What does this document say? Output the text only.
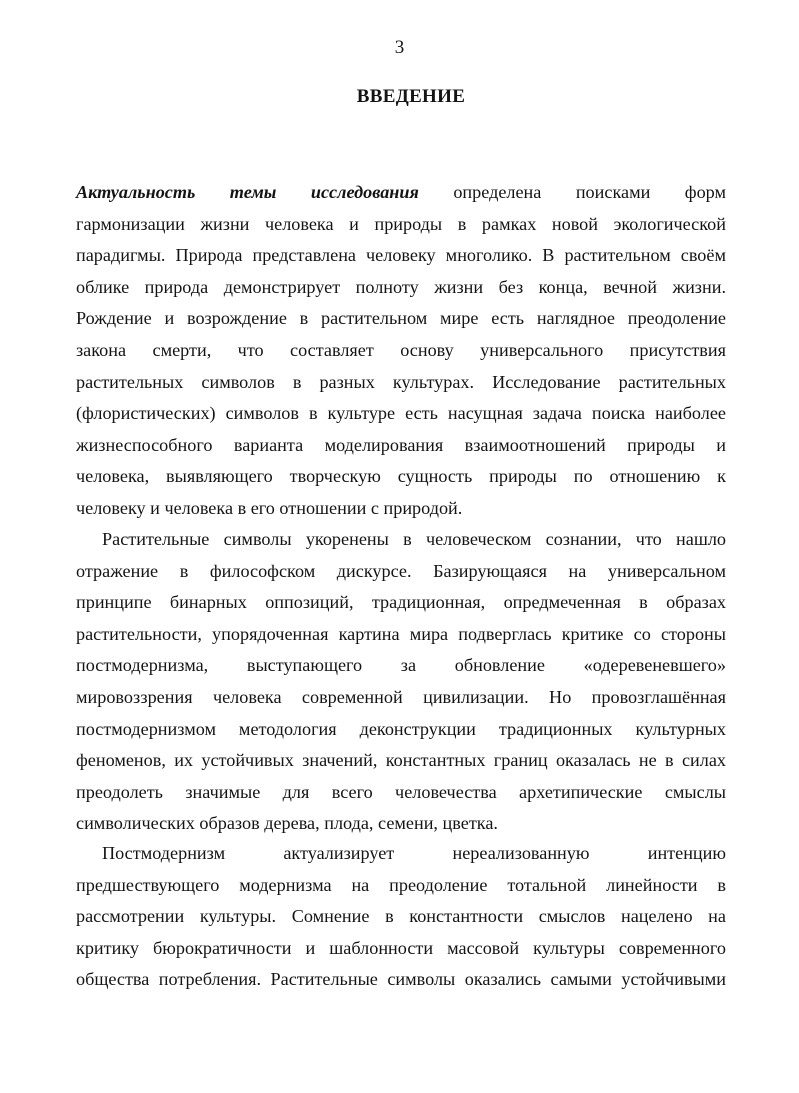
3
ВВЕДЕНИЕ
Актуальность темы исследования определена поисками форм
гармонизации жизни человека и природы в рамках новой экологической
парадигмы. Природа представлена человеку многолико. В растительном своём
облике природа демонстрирует полноту жизни без конца, вечной жизни.
Рождение и возрождение в растительном мире есть наглядное преодоление
закона смерти, что составляет основу универсального присутствия
растительных символов в разных культурах. Исследование растительных
(флористических) символов в культуре есть насущная задача поиска наиболее
жизнеспособного варианта моделирования взаимоотношений природы и
человека, выявляющего творческую сущность природы по отношению к
человеку и человека в его отношении с природой.
Растительные символы укоренены в человеческом сознании, что нашло
отражение в философском дискурсе. Базирующаяся на универсальном
принципе бинарных оппозиций, традиционная, опредмеченная в образах
растительности, упорядоченная картина мира подверглась критике со стороны
постмодернизма, выступающего за обновление «одеревеневшего»
мировоззрения человека современной цивилизации. Но провозглашённая
постмодернизмом методология деконструкции традиционных культурных
феноменов, их устойчивых значений, константных границ оказалась не в силах
преодолеть значимые для всего человечества архетипические смыслы
символических образов дерева, плода, семени, цветка.
Постмодернизм актуализирует нереализованную интенцию
предшествующего модернизма на преодоление тотальной линейности в
рассмотрении культуры. Сомнение в константности смыслов нацелено на
критику бюрократичности и шаблонности массовой культуры современного
общества потребления. Растительные символы оказались самыми устойчивыми
